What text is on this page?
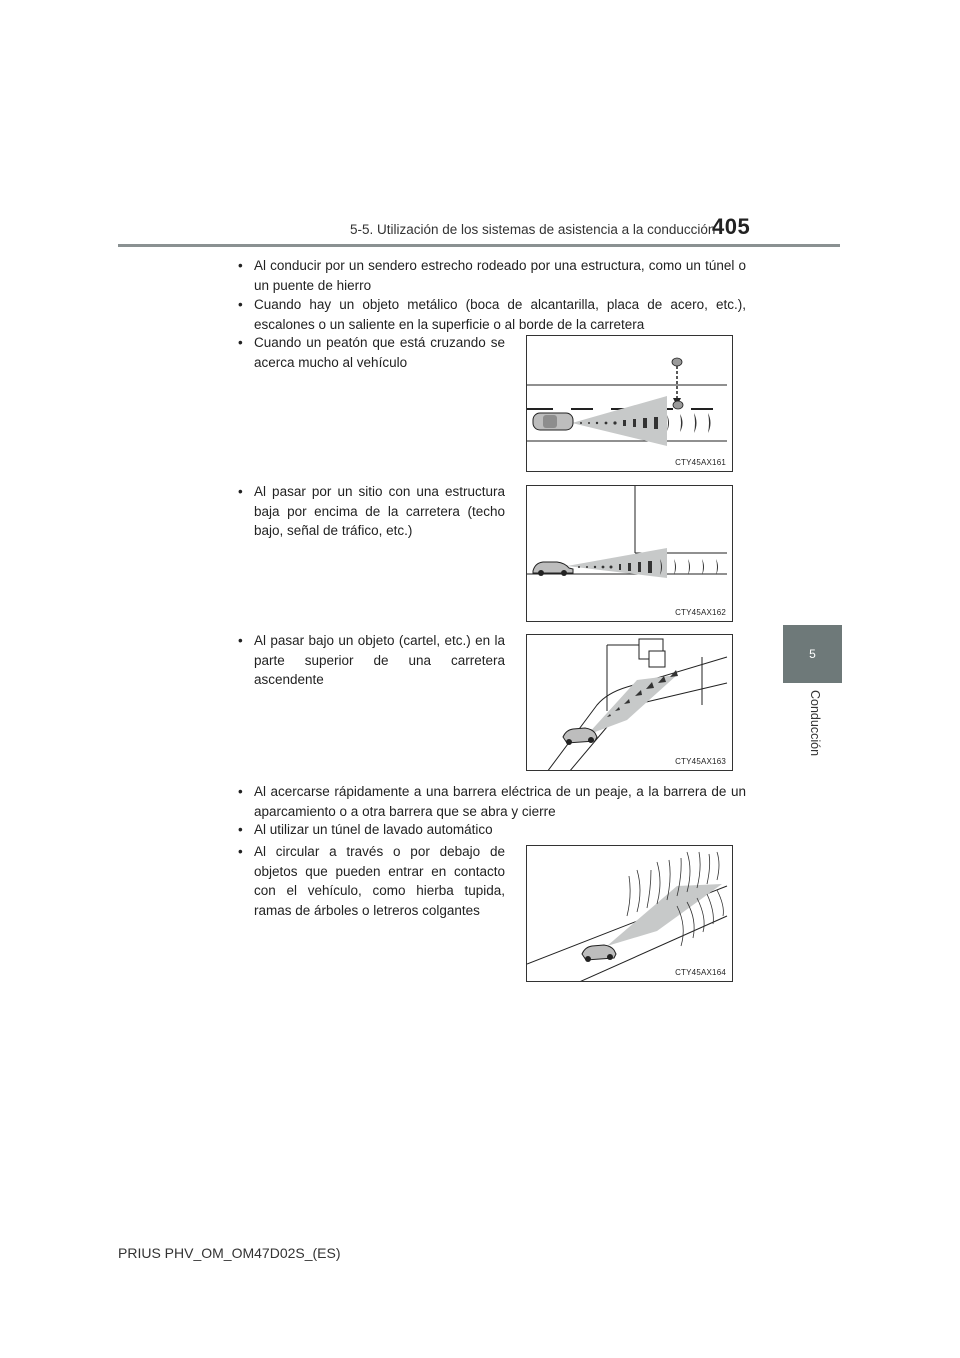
5-5. Utilización de los sistemas de asistencia a la conducción
405
5
Conducción

• Al conducir por un sendero estrecho rodeado por una estructura, como un túnel o un puente de hierro

• Cuando hay un objeto metálico (boca de alcantarilla, placa de acero, etc.), escalones o un saliente en la superficie o al borde de la carretera

• Cuando un peatón que está cruzando se acerca mucho al vehículo

CTY45AX161

• Al pasar por un sitio con una estructura baja por encima de la carretera (techo bajo, señal de tráfico, etc.)

CTY45AX162

• Al pasar bajo un objeto (cartel, etc.) en la parte superior de una carretera ascendente

CTY45AX163

• Al acercarse rápidamente a una barrera eléctrica de un peaje, a la barrera de un aparcamiento o a otra barrera que se abra y cierre

• Al utilizar un túnel de lavado automático

• Al circular a través o por debajo de objetos que pueden entrar en contacto con el vehículo, como hierba tupida, ramas de árboles o letreros colgantes

CTY45AX164
PRIUS PHV_OM_OM47D02S_(ES)
